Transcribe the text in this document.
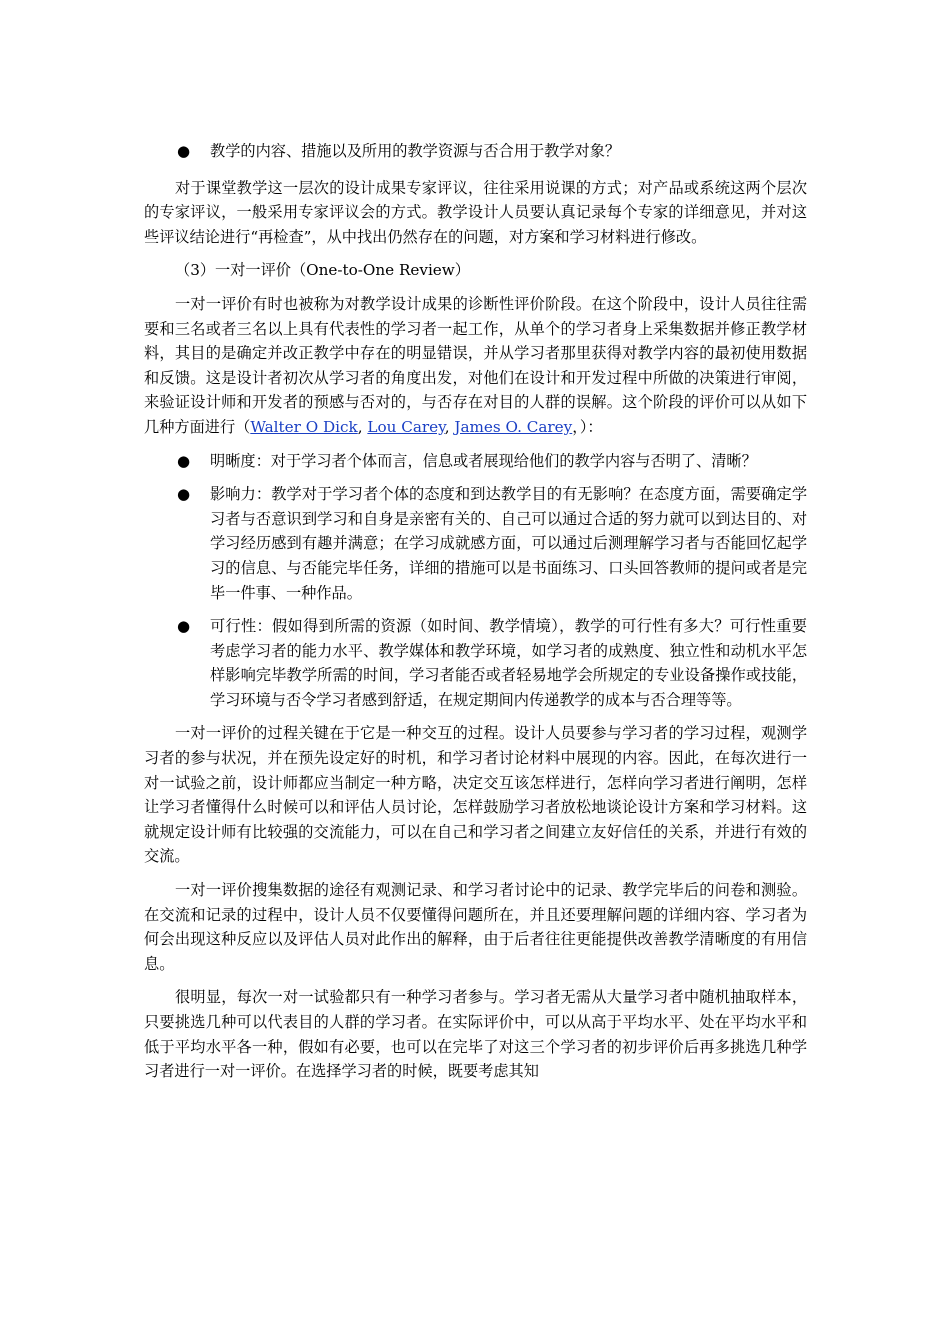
● 教学的内容、措施以及所用的教学资源与否合用于教学对象？

对于课堂教学这一层次的设计成果专家评议，往往采用说课的方式；对产品或系统这两个层次的专家评议，一般采用专家评议会的方式。教学设计人员要认真记录每个专家的详细意见，并对这些评议结论进行“再检查”，从中找出仍然存在的问题，对方案和学习材料进行修改。

（3）一对一评价（One-to-One Review）

一对一评价有时也被称为对教学设计成果的诊断性评价阶段。在这个阶段中，设计人员往往需要和三名或者三名以上具有代表性的学习者一起工作，从单个的学习者身上采集数据并修正教学材料，其目的是确定并改正教学中存在的明显错误，并从学习者那里获得对教学内容的最初使用数据和反馈。这是设计者初次从学习者的角度出发，对他们在设计和开发过程中所做的决策进行审阅，来验证设计师和开发者的预感与否对的，与否存在对目的人群的误解。这个阶段的评价可以从如下几种方面进行（Walter O Dick, Lou Carey, James O. Carey，）：

● 明晰度：对于学习者个体而言，信息或者展现给他们的教学内容与否明了、清晰？

● 影响力：教学对于学习者个体的态度和到达教学目的有无影响？在态度方面，需要确定学习者与否意识到学习和自身是亲密有关的、自己可以通过合适的努力就可以到达目的、对学习经历感到有趣并满意；在学习成就感方面，可以通过后测理解学习者与否能回忆起学习的信息、与否能完毕任务，详细的措施可以是书面练习、口头回答教师的提问或者是完毕一件事、一种作品。

● 可行性：假如得到所需的资源（如时间、教学情境），教学的可行性有多大？可行性重要考虑学习者的能力水平、教学媒体和教学环境，如学习者的成熟度、独立性和动机水平怎样影响完毕教学所需的时间，学习者能否或者轻易地学会所规定的专业设备操作或技能，学习环境与否令学习者感到舒适，在规定期间内传递教学的成本与否合理等等。

一对一评价的过程关键在于它是一种交互的过程。设计人员要参与学习者的学习过程，观测学习者的参与状况，并在预先设定好的时机，和学习者讨论材料中展现的内容。因此，在每次进行一对一试验之前，设计师都应当制定一种方略，决定交互该怎样进行，怎样向学习者进行阐明，怎样让学习者懂得什么时候可以和评估人员讨论，怎样鼓励学习者放松地谈论设计方案和学习材料。这就规定设计师有比较强的交流能力，可以在自己和学习者之间建立友好信任的关系，并进行有效的交流。

一对一评价搜集数据的途径有观测记录、和学习者讨论中的记录、教学完毕后的问卷和测验。在交流和记录的过程中，设计人员不仅要懂得问题所在，并且还要理解问题的详细内容、学习者为何会出现这种反应以及评估人员对此作出的解释，由于后者往往更能提供改善教学清晰度的有用信息。

很明显，每次一对一试验都只有一种学习者参与。学习者无需从大量学习者中随机抽取样本，只要挑选几种可以代表目的人群的学习者。在实际评价中，可以从高于平均水平、处在平均水平和低于平均水平各一种，假如有必要，也可以在完毕了对这三个学习者的初步评价后再多挑选几种学习者进行一对一评价。在选择学习者的时候，既要考虑其知
